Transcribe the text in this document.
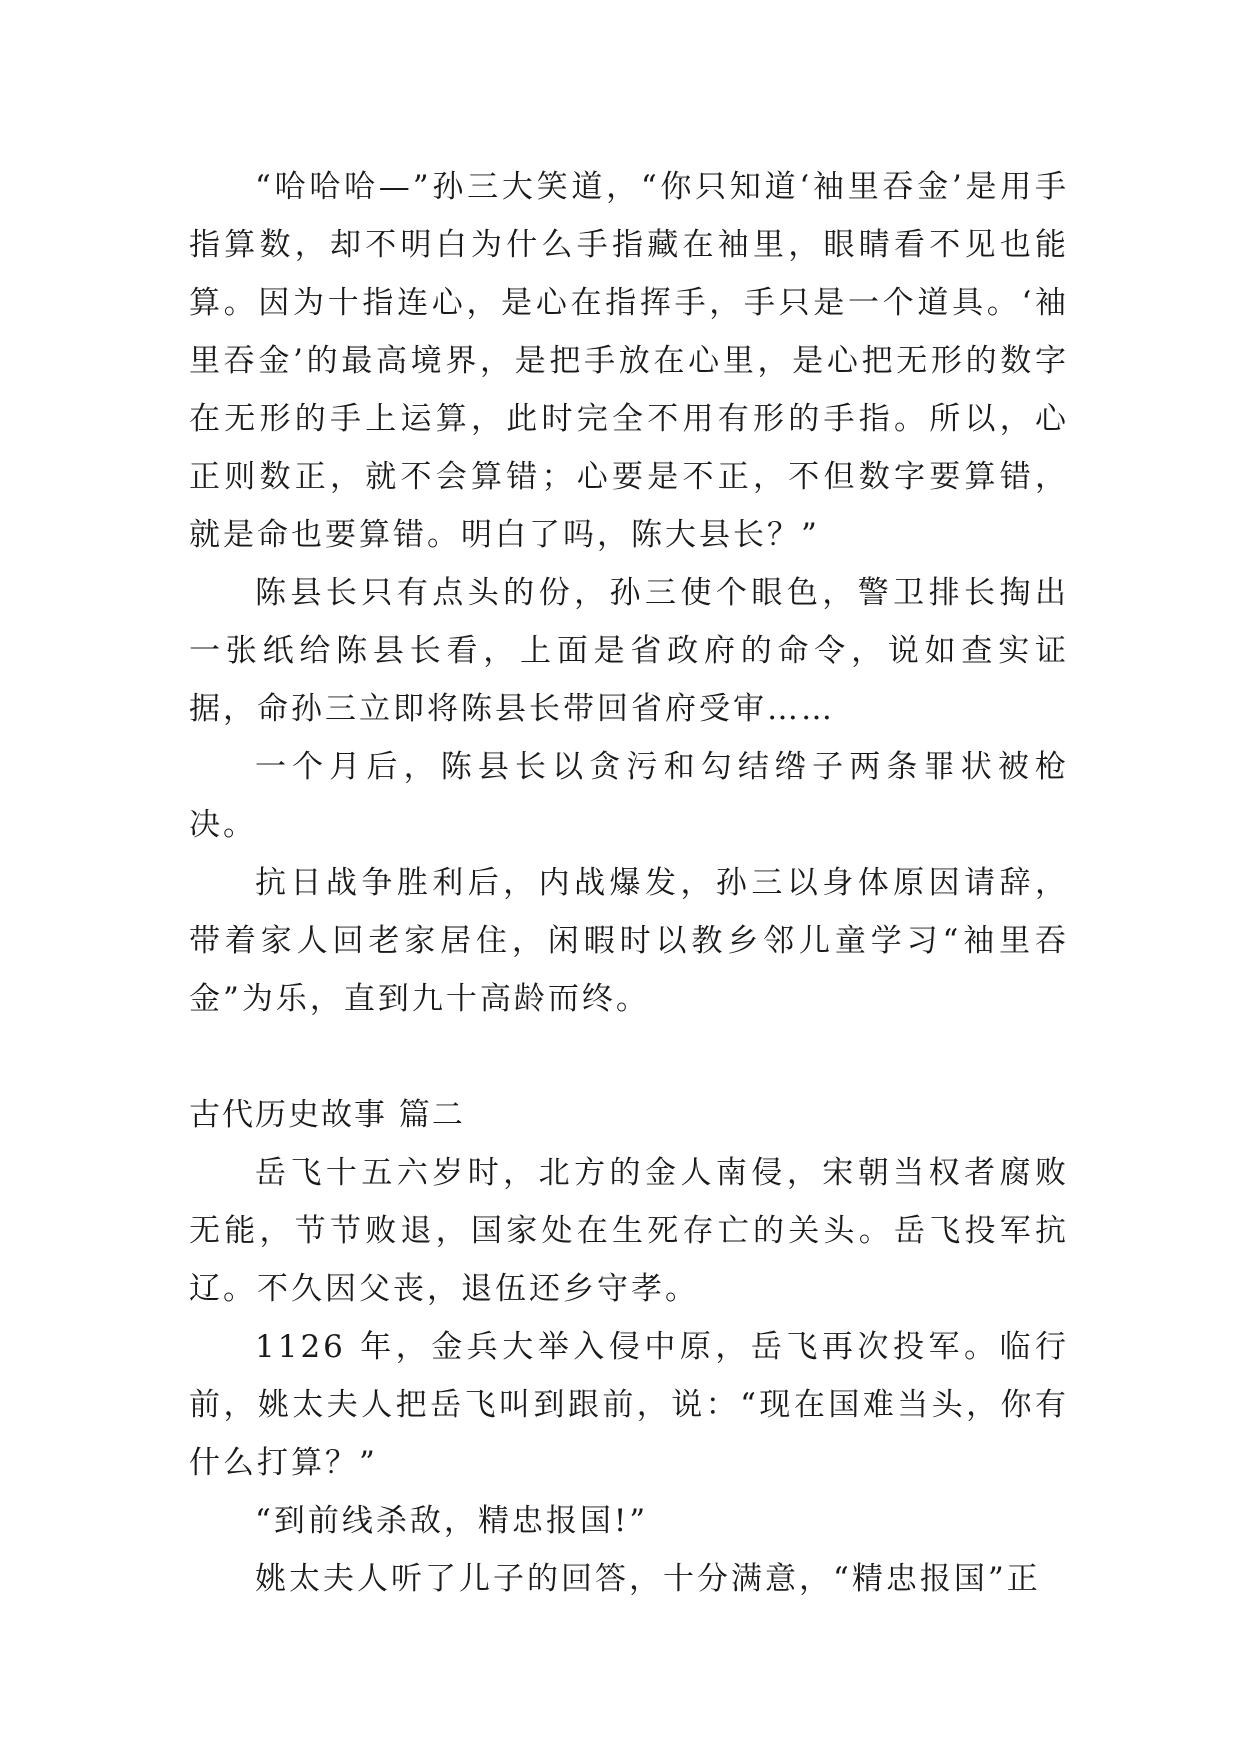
“哈哈哈—”孙三大笑道，“你只知道‘袖里吞金’是用手指算数，却不明白为什么手指藏在袖里，眼睛看不见也能算。因为十指连心，是心在指挥手，手只是一个道具。‘袖里吞金’的最高境界，是把手放在心里，是心把无形的数字在无形的手上运算，此时完全不用有形的手指。所以，心正则数正，就不会算错；心要是不正，不但数字要算错，就是命也要算错。明白了吗，陈大县长？”

陈县长只有点头的份，孙三使个眼色，警卫排长掏出一张纸给陈县长看，上面是省政府的命令，说如查实证据，命孙三立即将陈县长带回省府受审……

一个月后，陈县长以贪污和勾结绺子两条罪状被枪决。

抗日战争胜利后，内战爆发，孙三以身体原因请辞，带着家人回老家居住，闲暇时以教乡邻儿童学习“袖里吞金”为乐，直到九十高龄而终。

古代历史故事 篇二

岳飞十五六岁时，北方的金人南侵，宋朝当权者腐败无能，节节败退，国家处在生死存亡的关头。岳飞投军抗辽。不久因父丧，退伍还乡守孝。

1126 年，金兵大举入侵中原，岳飞再次投军。临行前，姚太夫人把岳飞叫到跟前，说：“现在国难当头，你有什么打算？”

“到前线杀敌，精忠报国!”

姚太夫人听了儿子的回答，十分满意，“精忠报国”正
